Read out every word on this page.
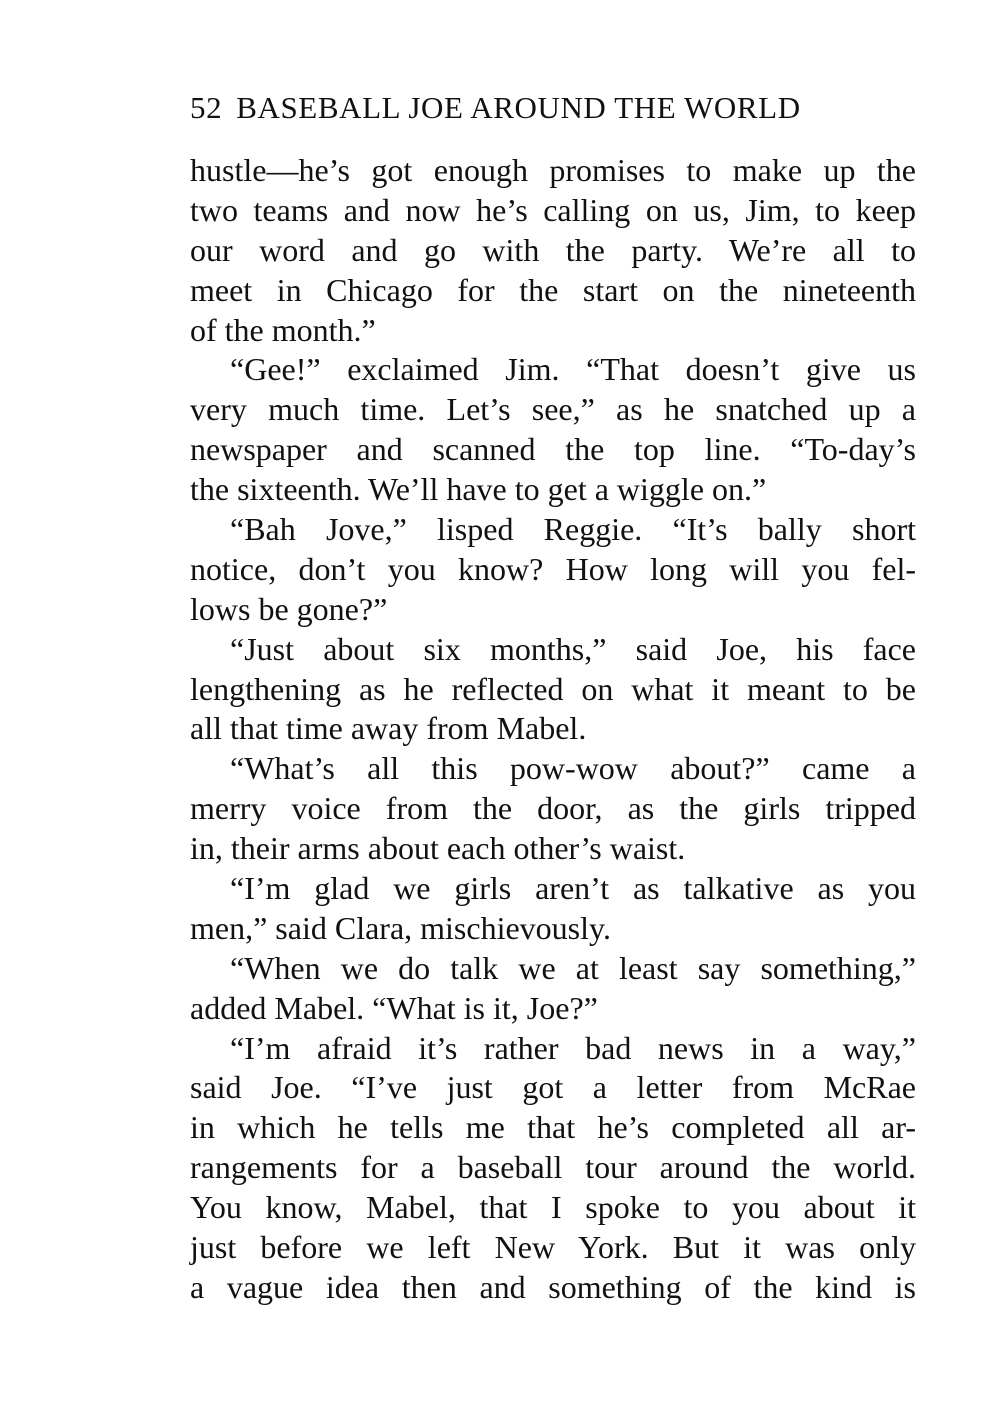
52 BASEBALL JOE AROUND THE WORLD
hustle—he’s got enough promises to make up the
two teams and now he’s calling on us, Jim, to keep
our word and go with the party. We’re all to
meet in Chicago for the start on the nineteenth
of the month.”
“Gee!” exclaimed Jim. “That doesn’t give us
very much time. Let’s see,” as he snatched up a
newspaper and scanned the top line. “To-day’s
the sixteenth. We’ll have to get a wiggle on.”
“Bah Jove,” lisped Reggie. “It’s bally short
notice, don’t you know? How long will you fel-
lows be gone?”
“Just about six months,” said Joe, his face
lengthening as he reflected on what it meant to be
all that time away from Mabel.
“What’s all this pow-wow about?” came a
merry voice from the door, as the girls tripped
in, their arms about each other’s waist.
“I’m glad we girls aren’t as talkative as you
men,” said Clara, mischievously.
“When we do talk we at least say something,”
added Mabel. “What is it, Joe?”
“I’m afraid it’s rather bad news in a way,”
said Joe. “I’ve just got a letter from McRae
in which he tells me that he’s completed all ar-
rangements for a baseball tour around the world.
You know, Mabel, that I spoke to you about it
just before we left New York. But it was only
a vague idea then and something of the kind is
